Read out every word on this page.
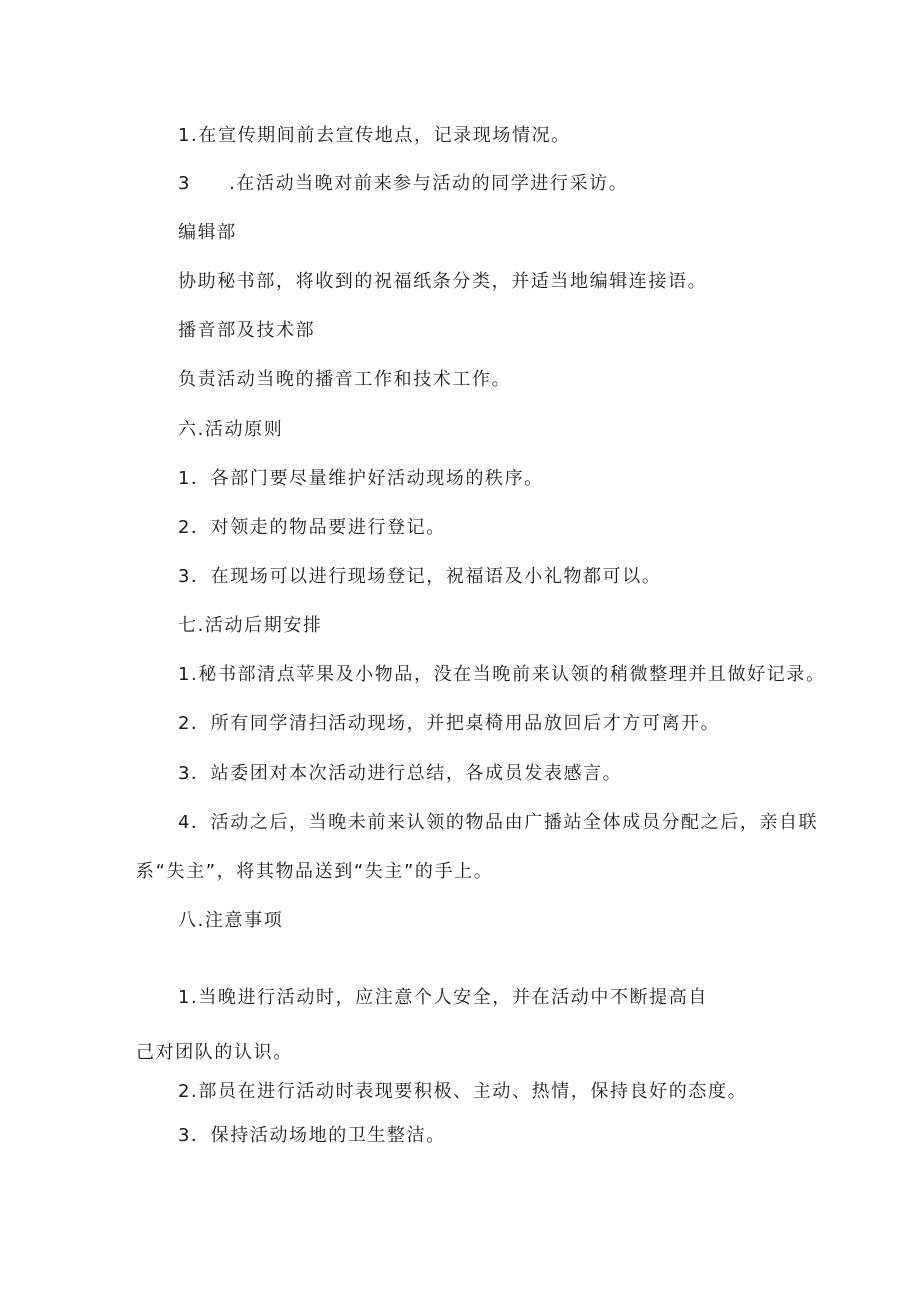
1.在宣传期间前去宣传地点，记录现场情况。
3 .在活动当晚对前来参与活动的同学进行采访。
编辑部
协助秘书部，将收到的祝福纸条分类，并适当地编辑连接语。
播音部及技术部
负责活动当晚的播音工作和技术工作。
六.活动原则
1．各部门要尽量维护好活动现场的秩序。
2．对领走的物品要进行登记。
3．在现场可以进行现场登记，祝福语及小礼物都可以。
七.活动后期安排
1.秘书部清点苹果及小物品，没在当晚前来认领的稍微整理并且做好记录。
2．所有同学清扫活动现场，并把桌椅用品放回后才方可离开。
3．站委团对本次活动进行总结，各成员发表感言。
4．活动之后，当晚未前来认领的物品由广播站全体成员分配之后，亲自联
系“失主”，将其物品送到“失主”的手上。
八.注意事项
1.当晚进行活动时，应注意个人安全，并在活动中不断提高自
己对团队的认识。
2.部员在进行活动时表现要积极、主动、热情，保持良好的态度。
3．保持活动场地的卫生整洁。
